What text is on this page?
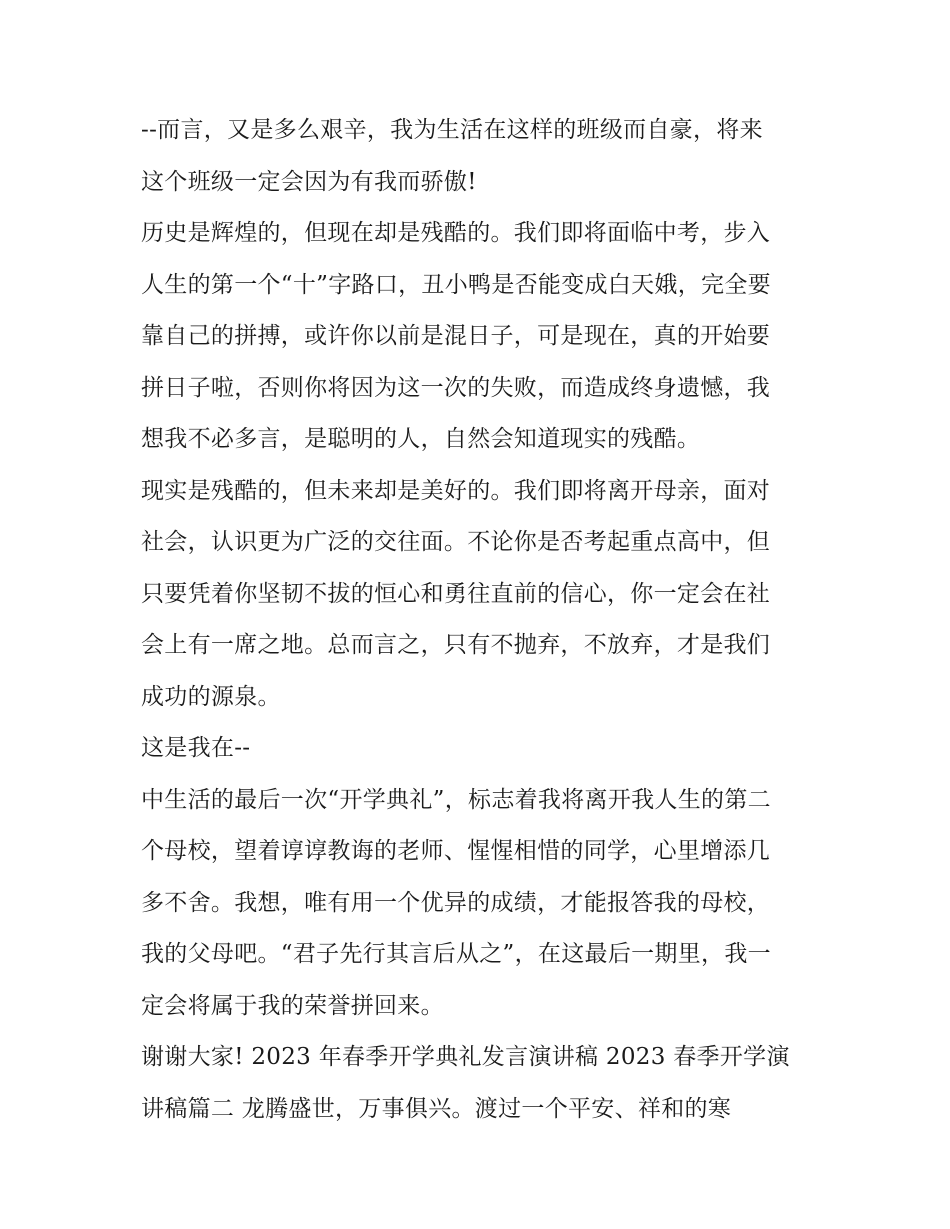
--而言，又是多么艰辛，我为生活在这样的班级而自豪，将来
这个班级一定会因为有我而骄傲!
历史是辉煌的，但现在却是残酷的。我们即将面临中考，步入
人生的第一个“十”字路口，丑小鸭是否能变成白天娥，完全要
靠自己的拼搏，或许你以前是混日子，可是现在，真的开始要
拼日子啦，否则你将因为这一次的失败，而造成终身遗憾，我
想我不必多言，是聪明的人，自然会知道现实的残酷。
现实是残酷的，但未来却是美好的。我们即将离开母亲，面对
社会，认识更为广泛的交往面。不论你是否考起重点高中，但
只要凭着你坚韧不拔的恒心和勇往直前的信心，你一定会在社
会上有一席之地。总而言之，只有不抛弃，不放弃，才是我们
成功的源泉。
这是我在--
中生活的最后一次“开学典礼”，标志着我将离开我人生的第二
个母校，望着谆谆教诲的老师、惺惺相惜的同学，心里增添几
多不舍。我想，唯有用一个优异的成绩，才能报答我的母校，
我的父母吧。“君子先行其言后从之”，在这最后一期里，我一
定会将属于我的荣誉拼回来。
谢谢大家! 2023 年春季开学典礼发言演讲稿 2023 春季开学演
讲稿篇二 龙腾盛世，万事俱兴。渡过一个平安、祥和的寒
